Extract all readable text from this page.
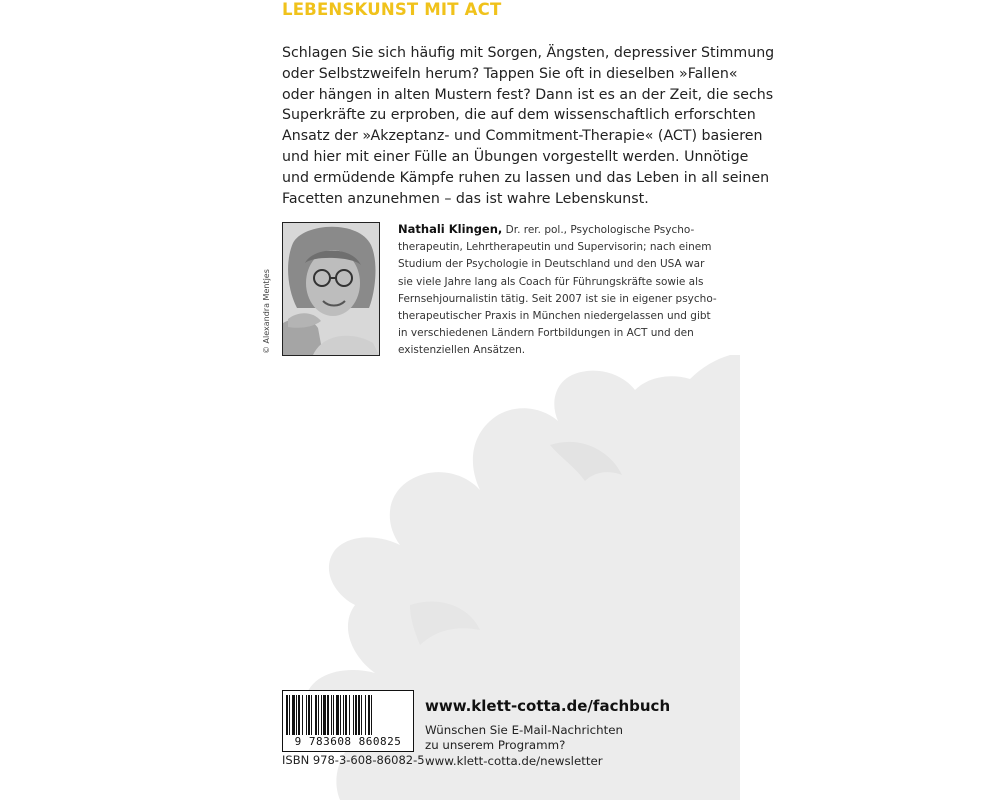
LEBENSKUNST MIT ACT
Schlagen Sie sich häufig mit Sorgen, Ängsten, depressiver Stimmung
oder Selbstzweifeln herum? Tappen Sie oft in dieselben »Fallen«
oder hängen in alten Mustern fest? Dann ist es an der Zeit, die sechs
Superkräfte zu erproben, die auf dem wissenschaftlich erforschten
Ansatz der »Akzeptanz- und Commitment-Therapie« (ACT) basieren
und hier mit einer Fülle an Übungen vorgestellt werden. Unnötige
und ermüdende Kämpfe ruhen zu lassen und das Leben in all seinen
Facetten anzunehmen – das ist wahre Lebenskunst.
© Alexandra Mentjes
Nathali Klingen, Dr. rer. pol., Psychologische Psycho-
therapeutin, Lehrtherapeutin und Supervisorin; nach einem
Studium der Psychologie in Deutschland und den USA war
sie viele Jahre lang als Coach für Führungskräfte sowie als
Fernsehjournalistin tätig. Seit 2007 ist sie in eigener psycho-
therapeutischer Praxis in München niedergelassen und gibt
in verschiedenen Ländern Fortbildungen in ACT und den
existenziellen Ansätzen.
9 783608 860825
ISBN 978-3-608-86082-5
www.klett-cotta.de/fachbuch
Wünschen Sie E-Mail-Nachrichten
zu unserem Programm?
www.klett-cotta.de/newsletter
